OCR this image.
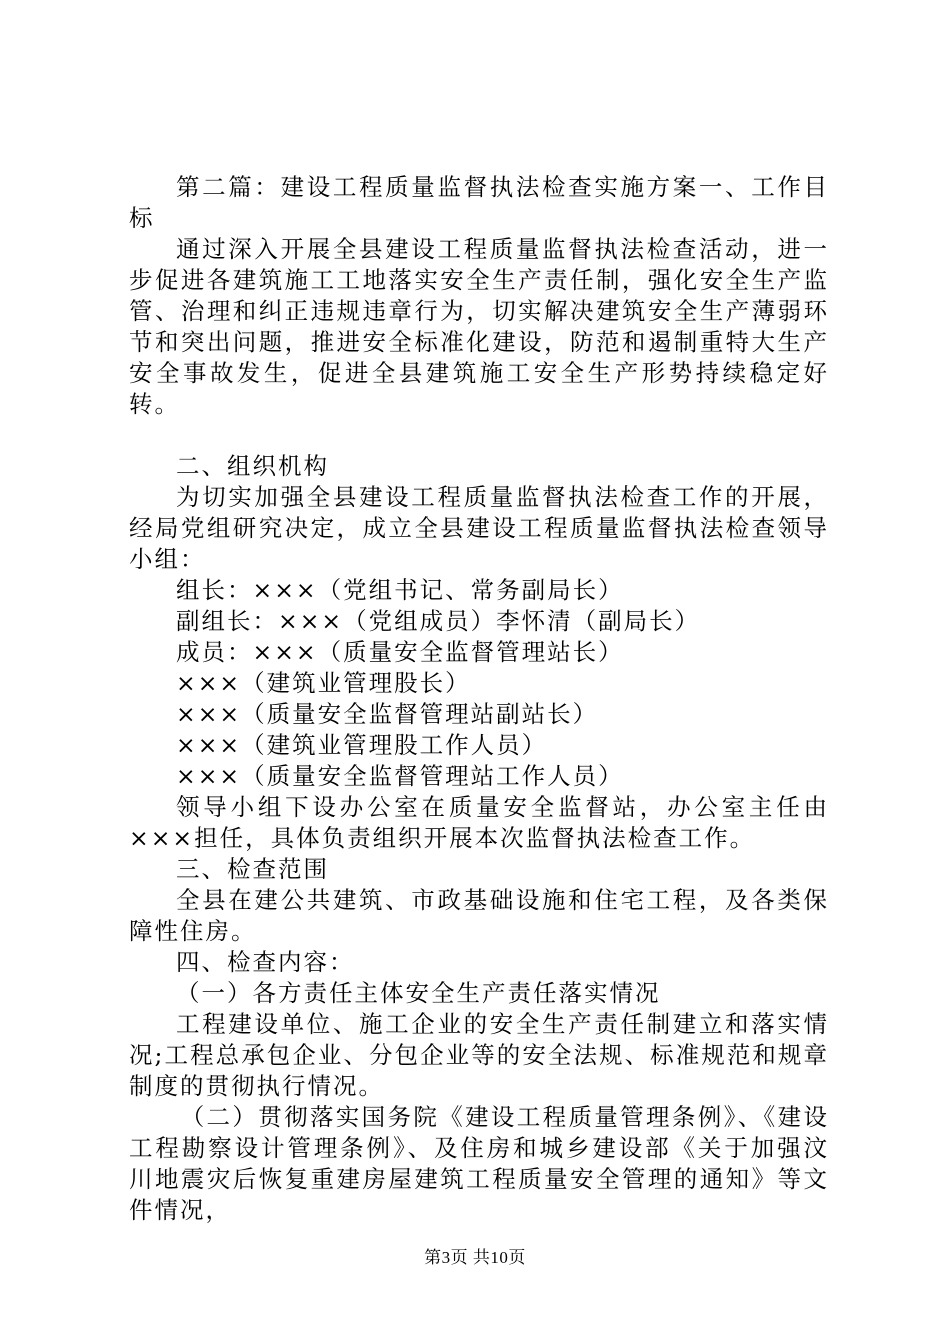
第二篇：建设工程质量监督执法检查实施方案一、工作目标

通过深入开展全县建设工程质量监督执法检查活动，进一步促进各建筑施工工地落实安全生产责任制，强化安全生产监管、治理和纠正违规违章行为，切实解决建筑安全生产薄弱环节和突出问题，推进安全标准化建设，防范和遏制重特大生产安全事故发生，促进全县建筑施工安全生产形势持续稳定好转。

二、组织机构

为切实加强全县建设工程质量监督执法检查工作的开展，经局党组研究决定，成立全县建设工程质量监督执法检查领导小组：

组长：×××（党组书记、常务副局长）

副组长：×××（党组成员）李怀清（副局长）

成员：×××（质量安全监督管理站长）

×××（建筑业管理股长）

×××（质量安全监督管理站副站长）

×××（建筑业管理股工作人员）

×××（质量安全监督管理站工作人员）

领导小组下设办公室在质量安全监督站，办公室主任由×××担任，具体负责组织开展本次监督执法检查工作。

三、检查范围

全县在建公共建筑、市政基础设施和住宅工程，及各类保障性住房。

四、检查内容：

（一）各方责任主体安全生产责任落实情况

工程建设单位、施工企业的安全生产责任制建立和落实情况;工程总承包企业、分包企业等的安全法规、标准规范和规章制度的贯彻执行情况。

（二）贯彻落实国务院《建设工程质量管理条例》、《建设工程勘察设计管理条例》、及住房和城乡建设部《关于加强汶川地震灾后恢复重建房屋建筑工程质量安全管理的通知》等文件情况，

第3页 共10页
